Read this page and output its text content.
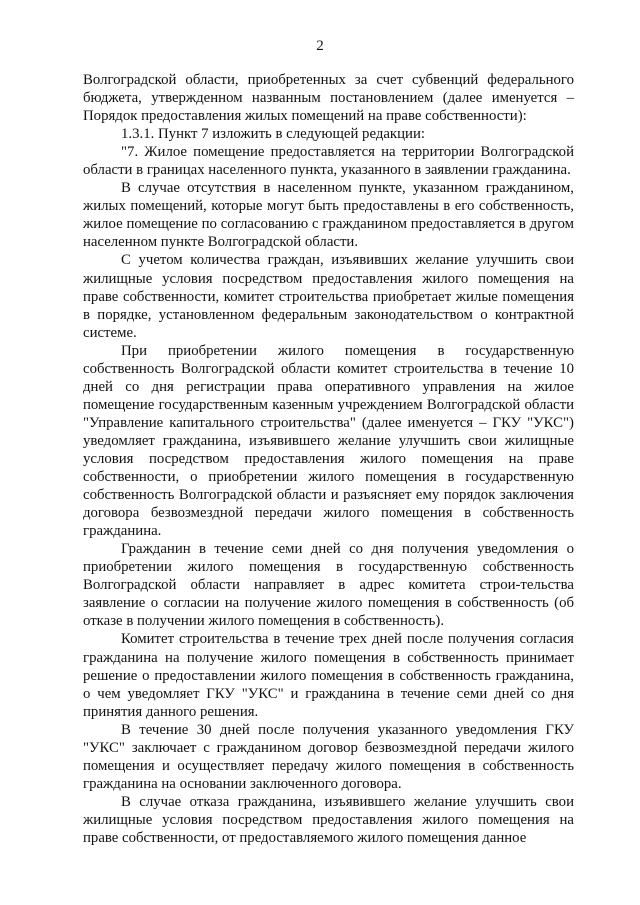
2

Волгоградской области, приобретенных за счет субвенций федерального бюджета, утвержденном названным постановлением (далее именуется – Порядок предоставления жилых помещений на праве собственности):

1.3.1. Пункт 7 изложить в следующей редакции:

"7. Жилое помещение предоставляется на территории Волгоградской области в границах населенного пункта, указанного в заявлении гражданина.

В случае отсутствия в населенном пункте, указанном гражданином, жилых помещений, которые могут быть предоставлены в его собственность, жилое помещение по согласованию с гражданином предоставляется в другом населенном пункте Волгоградской области.

С учетом количества граждан, изъявивших желание улучшить свои жилищные условия посредством предоставления жилого помещения на праве собственности, комитет строительства приобретает жилые помещения в порядке, установленном федеральным законодательством о контрактной системе.

При приобретении жилого помещения в государственную собственность Волгоградской области комитет строительства в течение 10 дней со дня регистрации права оперативного управления на жилое помещение государственным казенным учреждением Волгоградской области "Управление капитального строительства" (далее именуется – ГКУ "УКС") уведомляет гражданина, изъявившего желание улучшить свои жилищные условия посредством предоставления жилого помещения на праве собственности, о приобретении жилого помещения в государственную собственность Волгоградской области и разъясняет ему порядок заключения договора безвозмездной передачи жилого помещения в собственность гражданина.

Гражданин в течение семи дней со дня получения уведомления о приобретении жилого помещения в государственную собственность Волгоградской области направляет в адрес комитета строи-тельства заявление о согласии на получение жилого помещения в собственность (об отказе в получении жилого помещения в собственность).

Комитет строительства в течение трех дней после получения согласия гражданина на получение жилого помещения в собственность принимает решение о предоставлении жилого помещения в собственность гражданина, о чем уведомляет ГКУ "УКС" и гражданина в течение семи дней со дня принятия данного решения.

В течение 30 дней после получения указанного уведомления ГКУ "УКС" заключает с гражданином договор безвозмездной передачи жилого помещения и осуществляет передачу жилого помещения в собственность гражданина на основании заключенного договора.

В случае отказа гражданина, изъявившего желание улучшить свои жилищные условия посредством предоставления жилого помещения на праве собственности, от предоставляемого жилого помещения данное
